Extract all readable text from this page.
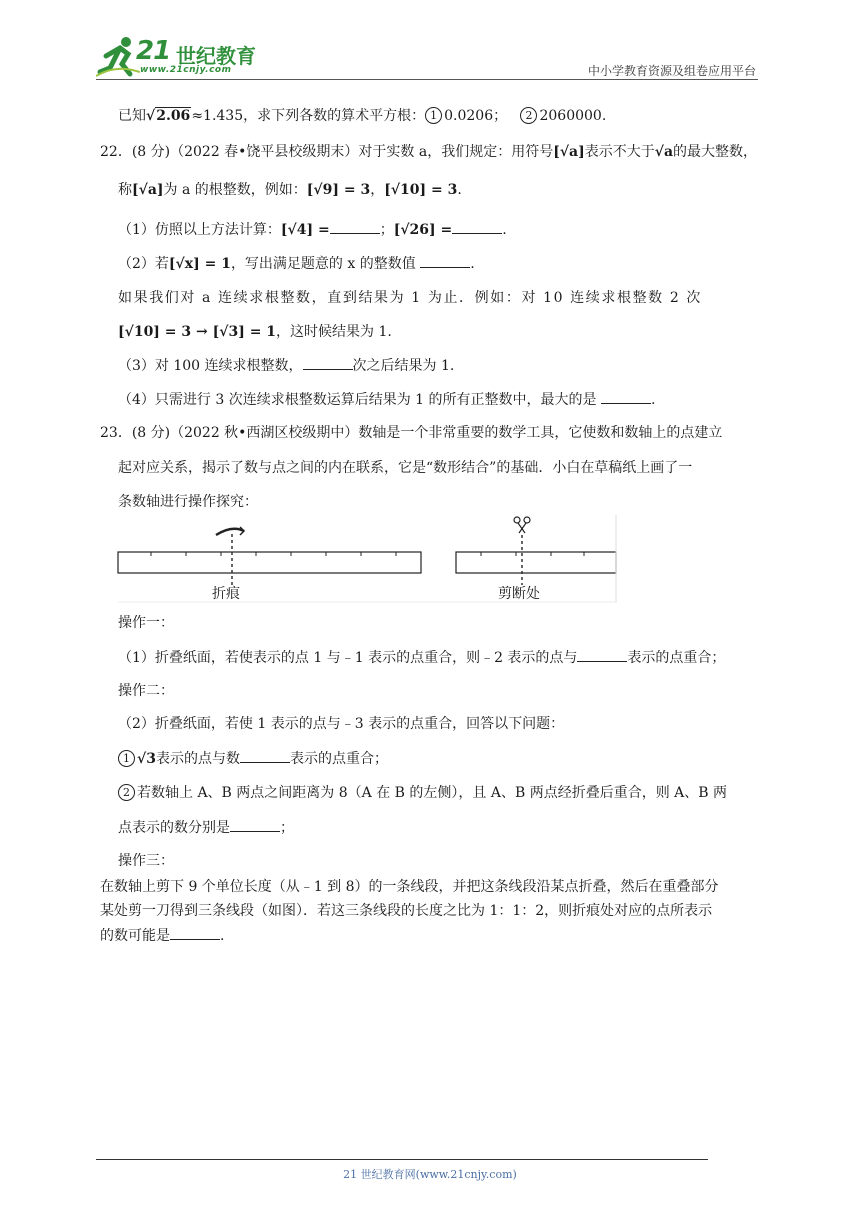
21 世纪教育
www.21cnjy.com	中小学教育资源及组卷应用平台
已知√2.06≈1.435，求下列各数的算术平方根： 1 0.0206； 2 2060000.
22．(8 分)（2022 春•饶平县校级期末）对于实数 a，我们规定：用符号[√a]表示不大于√a的最大整数，
称[√a]为 a 的根整数，例如：[√9] = 3，[√10] = 3.
（1）仿照以上方法计算：[√4] =	；[√26] =	.
（2）若[√x] = 1，写出满足题意的 x 的整数值	.
如果我们对 a 连续求根整数，直到结果为 1 为止．例如：对 10 连续求根整数 2 次
[√10] = 3 → [√3] = 1，这时候结果为 1.
（3）对 100 连续求根整数，	次之后结果为 1.
（4）只需进行 3 次连续求根整数运算后结果为 1 的所有正整数中，最大的是	.
23．(8 分)（2022 秋•西湖区校级期中）数轴是一个非常重要的数学工具，它使数和数轴上的点建立
起对应关系，揭示了数与点之间的内在联系，它是“数形结合”的基础．小白在草稿纸上画了一
条数轴进行操作探究：
折痕	剪断处
操作一：
（1）折叠纸面，若使表示的点 1 与﹣1 表示的点重合，则﹣2 表示的点与	表示的点重合；
操作二：
（2）折叠纸面，若使 1 表示的点与﹣3 表示的点重合，回答以下问题：
1 √3表示的点与数	表示的点重合；
2 若数轴上 A、B 两点之间距离为 8（A 在 B 的左侧），且 A、B 两点经折叠后重合，则 A、B 两
点表示的数分别是	；
操作三：
在数轴上剪下 9 个单位长度（从﹣1 到 8）的一条线段，并把这条线段沿某点折叠，然后在重叠部分
某处剪一刀得到三条线段（如图）．若这三条线段的长度之比为 1：1：2，则折痕处对应的点所表示
的数可能是	.
21 世纪教育网(www.21cnjy.com)
